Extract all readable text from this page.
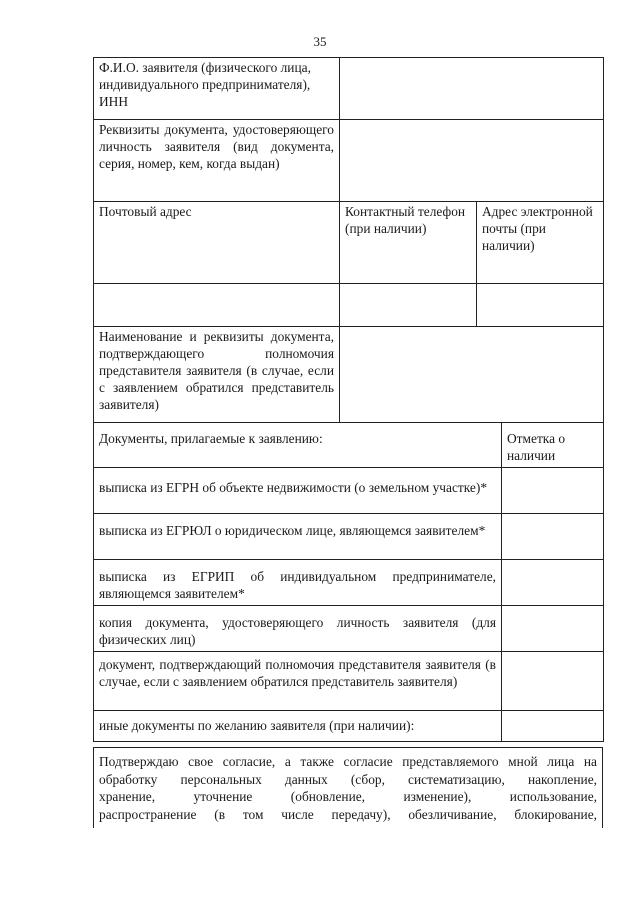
35
Ф.И.О. заявителя (физического лица, индивидуального предпринимателя), ИНН		
Реквизиты документа, удостоверяющего личность заявителя (вид документа, серия, номер, кем, когда выдан)		
Почтовый адрес	Контактный телефон (при наличии)	Адрес электронной почты (при наличии)

Наименование и реквизиты документа, подтверждающего полномочия представителя заявителя (в случае, если с заявлением обратился представитель заявителя)		
Документы, прилагаемые к заявлению:	Отметка о наличии
выписка из ЕГРН об объекте недвижимости (о земельном участке)*	
выписка из ЕГРЮЛ о юридическом лице, являющемся заявителем*	
выписка из ЕГРИП об индивидуальном предпринимателе, являющемся заявителем*	
копия документа, удостоверяющего личность заявителя (для физических лиц)	
документ, подтверждающий полномочия представителя заявителя (в случае, если с заявлением обратился представитель заявителя)	
иные документы по желанию заявителя (при наличии):	
Подтверждаю свое согласие, а также согласие представляемого мной лица на
обработку персональных данных (сбор, систематизацию, накопление,
хранение, уточнение (обновление, изменение), использование,
распространение (в том числе передачу), обезличивание, блокирование,
